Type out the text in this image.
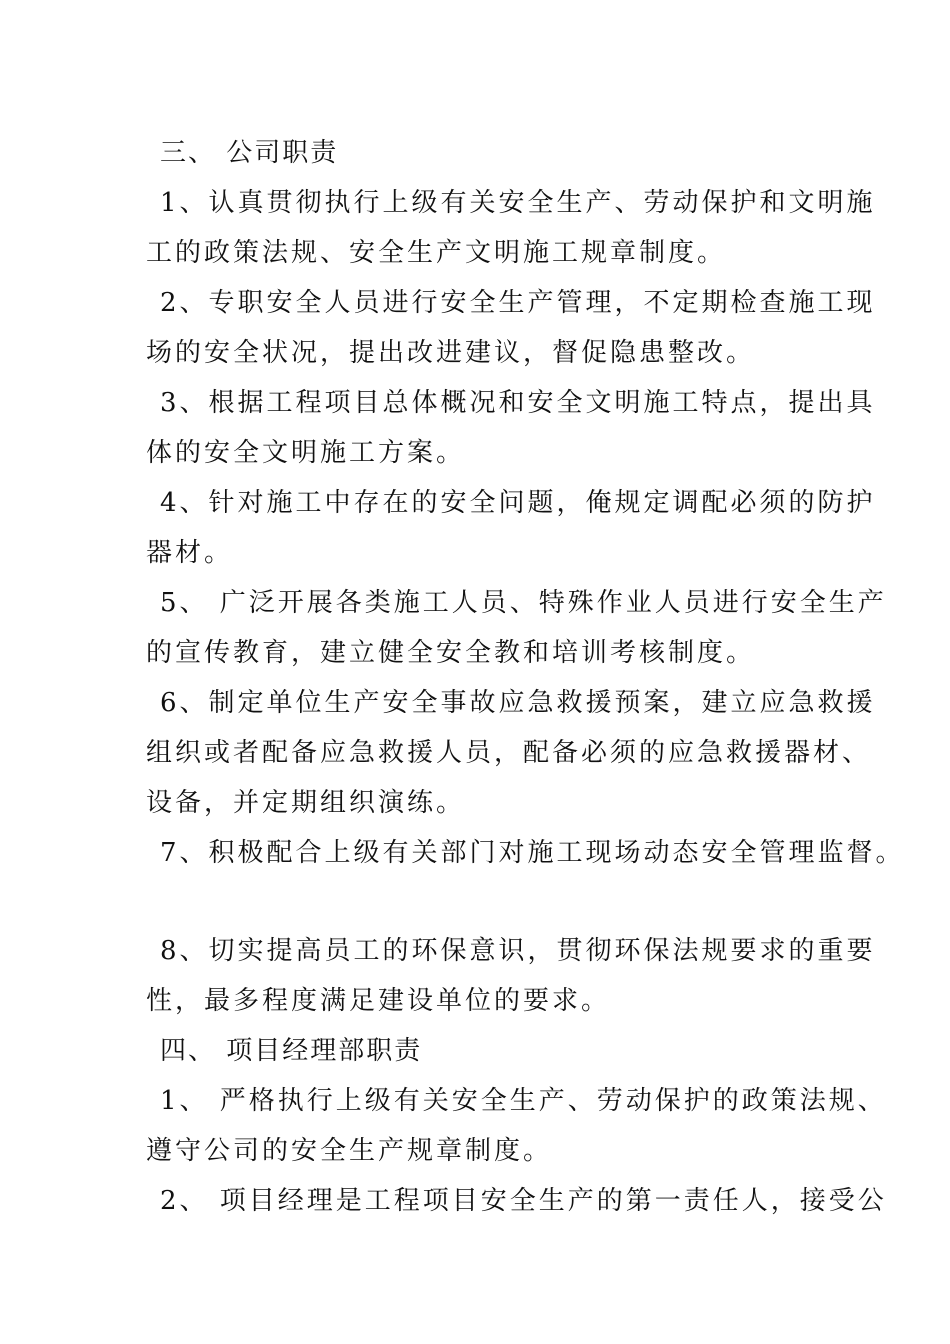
三、 公司职责
1、认真贯彻执行上级有关安全生产、劳动保护和文明施
工的政策法规、安全生产文明施工规章制度。
2、专职安全人员进行安全生产管理，不定期检查施工现
场的安全状况，提出改进建议，督促隐患整改。
3、根据工程项目总体概况和安全文明施工特点，提出具
体的安全文明施工方案。
4、针对施工中存在的安全问题，俺规定调配必须的防护
器材。
5、 广泛开展各类施工人员、特殊作业人员进行安全生产
的宣传教育，建立健全安全教和培训考核制度。
6、制定单位生产安全事故应急救援预案，建立应急救援
组织或者配备应急救援人员，配备必须的应急救援器材、
设备，并定期组织演练。
7、积极配合上级有关部门对施工现场动态安全管理监督。
8、切实提高员工的环保意识，贯彻环保法规要求的重要
性，最多程度满足建设单位的要求。
四、 项目经理部职责
1、 严格执行上级有关安全生产、劳动保护的政策法规、
遵守公司的安全生产规章制度。
2、 项目经理是工程项目安全生产的第一责任人，接受公
